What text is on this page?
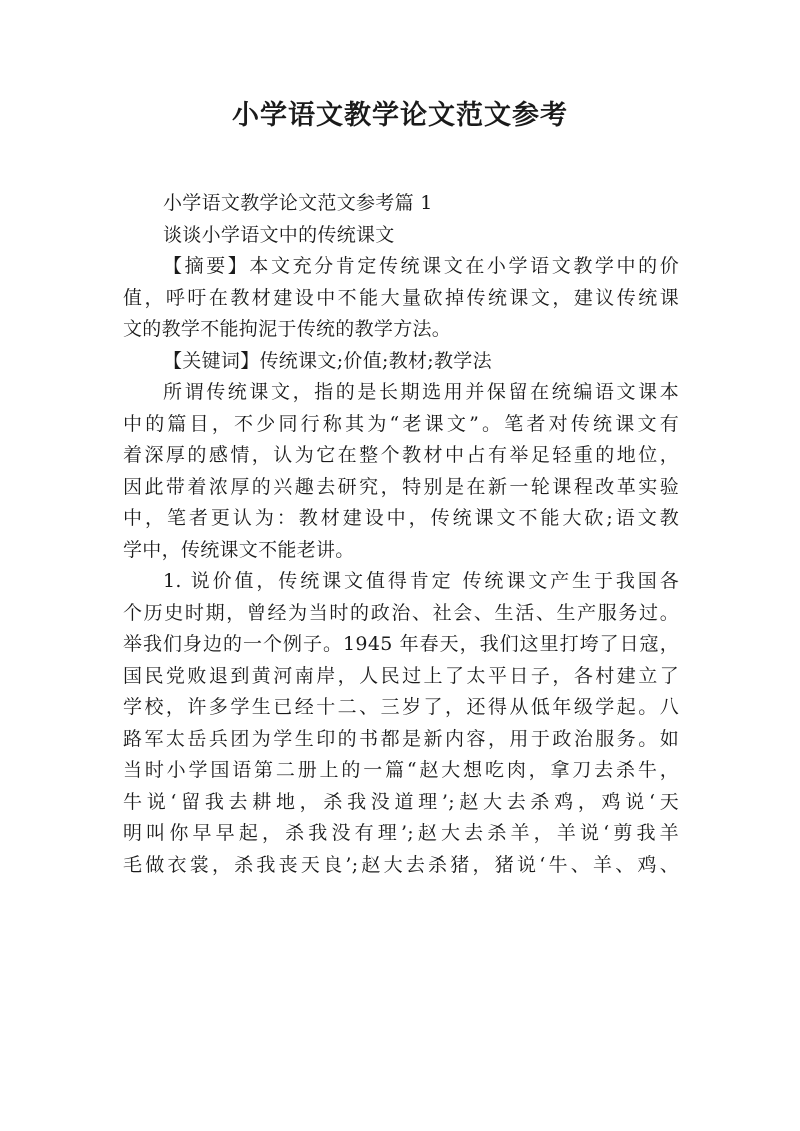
小学语文教学论文范文参考
小学语文教学论文范文参考篇 1
谈谈小学语文中的传统课文
【摘要】本文充分肯定传统课文在小学语文教学中的价
值，呼吁在教材建设中不能大量砍掉传统课文，建议传统课
文的教学不能拘泥于传统的教学方法。
【关键词】传统课文;价值;教材;教学法
所谓传统课文，指的是长期选用并保留在统编语文课本
中的篇目，不少同行称其为“老课文”。笔者对传统课文有
着深厚的感情，认为它在整个教材中占有举足轻重的地位，
因此带着浓厚的兴趣去研究，特别是在新一轮课程改革实验
中，笔者更认为：教材建设中，传统课文不能大砍;语文教
学中，传统课文不能老讲。
1. 说价值，传统课文值得肯定 传统课文产生于我国各
个历史时期，曾经为当时的政治、社会、生活、生产服务过。
举我们身边的一个例子。1945 年春天，我们这里打垮了日寇，
国民党败退到黄河南岸，人民过上了太平日子，各村建立了
学校，许多学生已经十二、三岁了，还得从低年级学起。八
路军太岳兵团为学生印的书都是新内容，用于政治服务。如
当时小学国语第二册上的一篇“赵大想吃肉，拿刀去杀牛，
牛说‘留我去耕地，杀我没道理’;赵大去杀鸡，鸡说‘天
明叫你早早起，杀我没有理’;赵大去杀羊，羊说‘剪我羊
毛做衣裳，杀我丧天良’;赵大去杀猪，猪说‘牛、羊、鸡、
